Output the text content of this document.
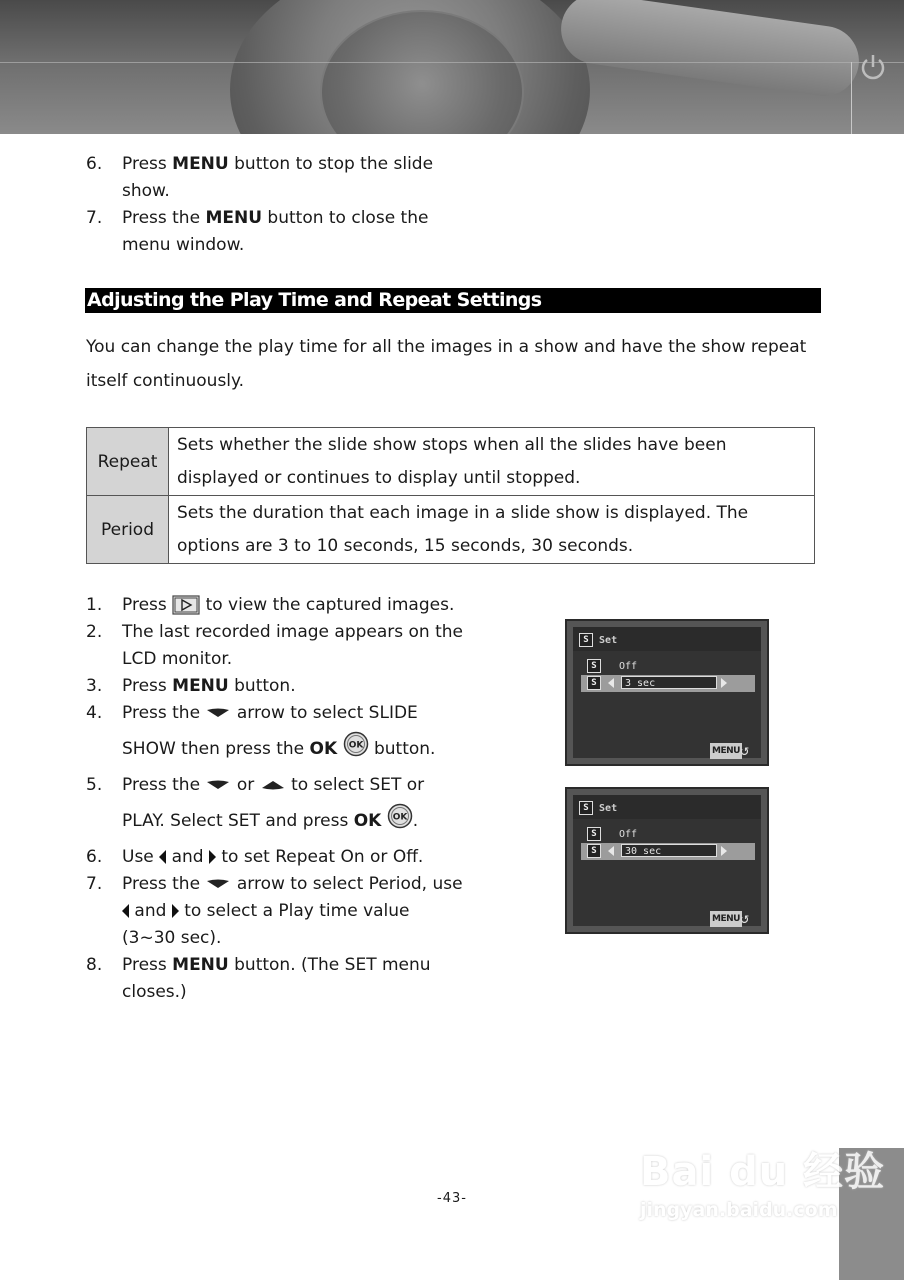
6. Press MENU button to stop the slide
show.
7. Press the MENU button to close the
menu window.
Adjusting the Play Time and Repeat Settings
You can change the play time for all the images in a show and have the show repeat itself continuously.
Repeat	Sets whether the slide show stops when all the slides have been displayed or continues to display until stopped.
Period	Sets the duration that each image in a slide show is displayed. The options are 3 to 10 seconds, 15 seconds, 30 seconds.
1. Press to view the captured images.
2. The last recorded image appears on the
LCD monitor.
3. Press MENU button.
4. Press the arrow to select SLIDE
SHOW then press the OK OK button.
5. Press the or to select SET or
PLAY. Select SET and press OK OK .
6. Use and to set Repeat On or Off.
7. Press the arrow to select Period, use
and to select a Play time value
(3~30 sec).
8. Press MENU button. (The SET menu
closes.)
S Set
S	Off
S	3 sec
MENU ↺
S Set
S	Off
S	30 sec
MENU ↺
Bai du 经验
jingyan.baidu.com
-43-
